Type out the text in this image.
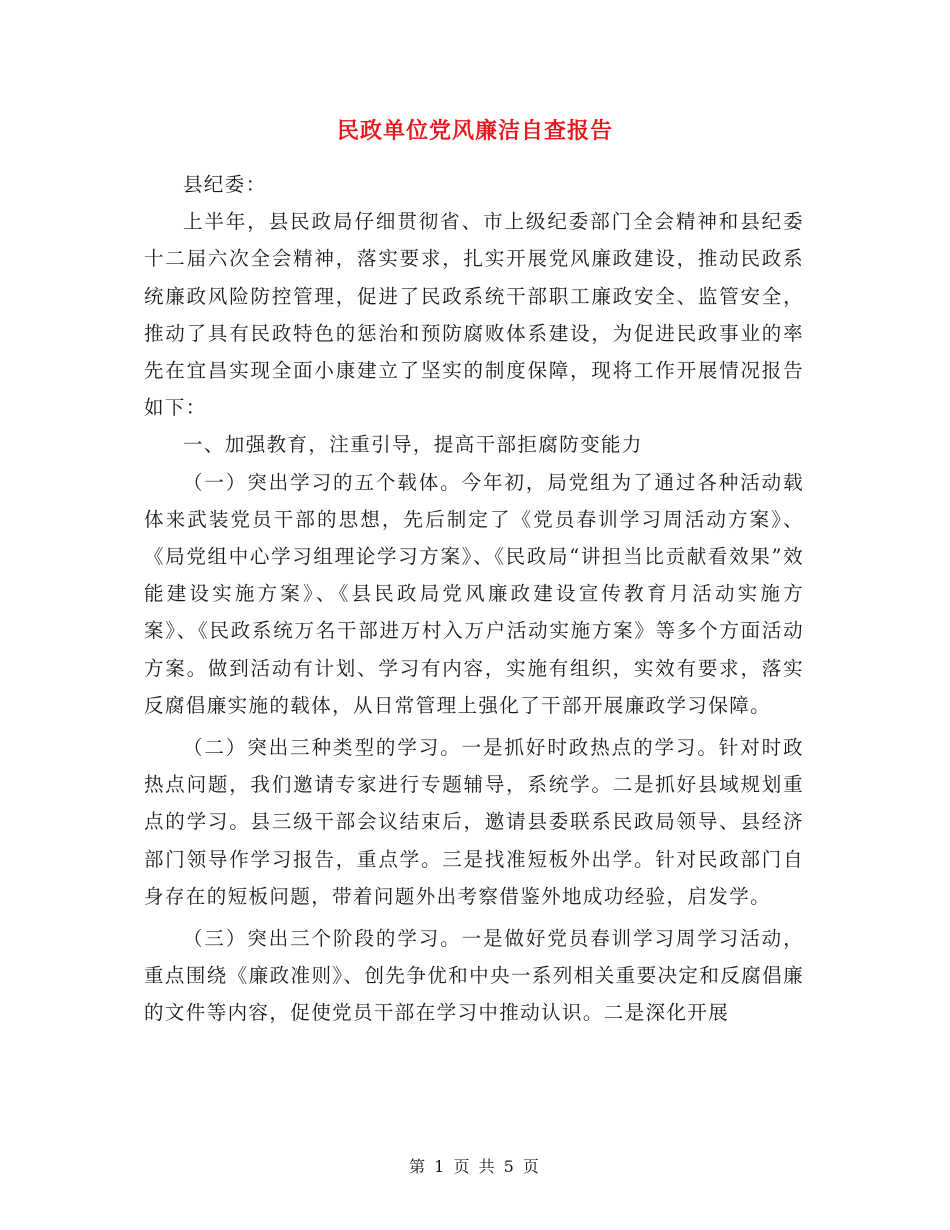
民政单位党风廉洁自查报告

县纪委：

上半年，县民政局仔细贯彻省、市上级纪委部门全会精神和县纪委十二届六次全会精神，落实要求，扎实开展党风廉政建设，推动民政系统廉政风险防控管理，促进了民政系统干部职工廉政安全、监管安全，推动了具有民政特色的惩治和预防腐败体系建设，为促进民政事业的率先在宜昌实现全面小康建立了坚实的制度保障，现将工作开展情况报告如下：

一、加强教育，注重引导，提高干部拒腐防变能力

（一）突出学习的五个载体。今年初，局党组为了通过各种活动载体来武装党员干部的思想，先后制定了《党员春训学习周活动方案》、《局党组中心学习组理论学习方案》、《民政局“讲担当比贡献看效果”效能建设实施方案》、《县民政局党风廉政建设宣传教育月活动实施方案》、《民政系统万名干部进万村入万户活动实施方案》等多个方面活动方案。做到活动有计划、学习有内容，实施有组织，实效有要求，落实反腐倡廉实施的载体，从日常管理上强化了干部开展廉政学习保障。

（二）突出三种类型的学习。一是抓好时政热点的学习。针对时政热点问题，我们邀请专家进行专题辅导，系统学。二是抓好县域规划重点的学习。县三级干部会议结束后，邀请县委联系民政局领导、县经济部门领导作学习报告，重点学。三是找准短板外出学。针对民政部门自身存在的短板问题，带着问题外出考察借鉴外地成功经验，启发学。

（三）突出三个阶段的学习。一是做好党员春训学习周学习活动，重点围绕《廉政准则》、创先争优和中央一系列相关重要决定和反腐倡廉的文件等内容，促使党员干部在学习中推动认识。二是深化开展

第 1 页 共 5 页
